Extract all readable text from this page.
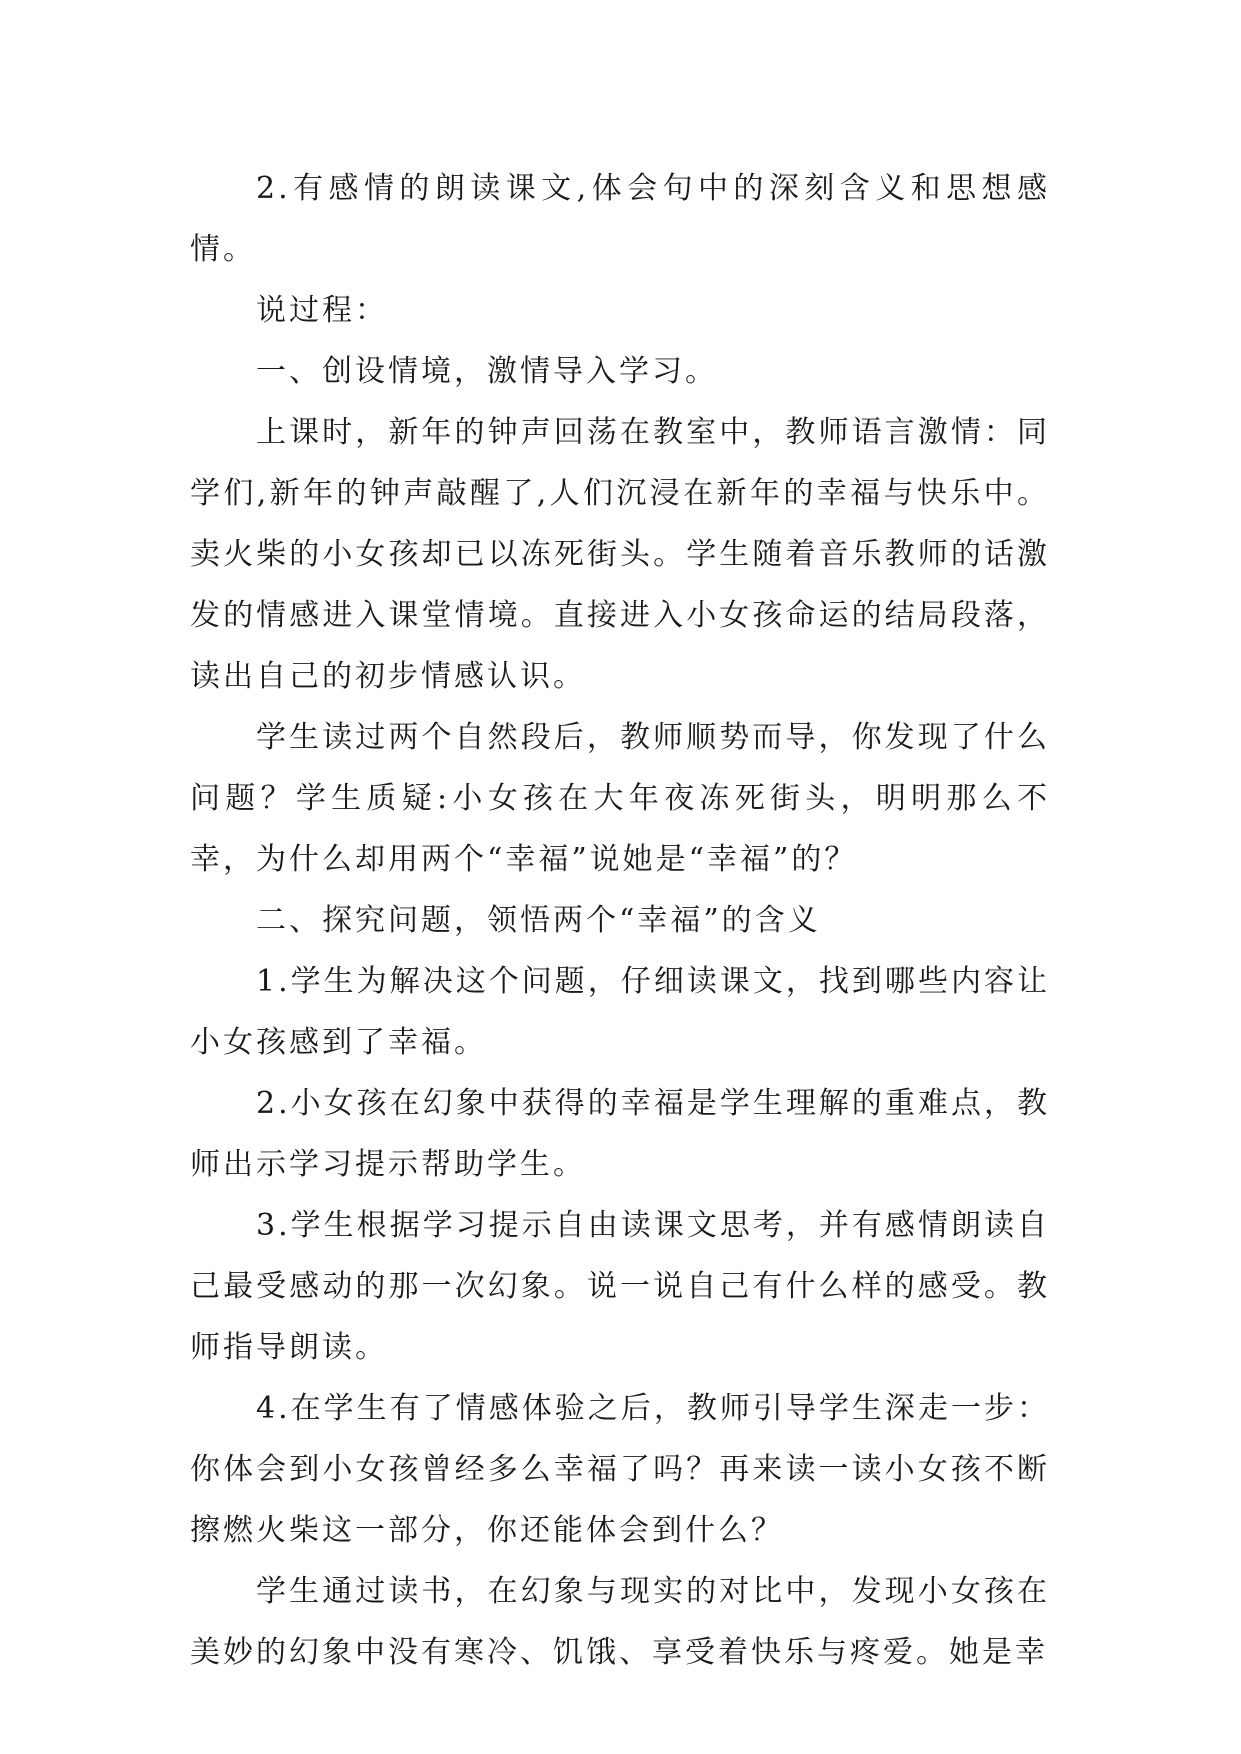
2.有感情的朗读课文,体会句中的深刻含义和思想感情。

说过程：

一、创设情境，激情导入学习。

上课时，新年的钟声回荡在教室中，教师语言激情：同学们,新年的钟声敲醒了,人们沉浸在新年的幸福与快乐中。卖火柴的小女孩却已以冻死街头。学生随着音乐教师的话激发的情感进入课堂情境。直接进入小女孩命运的结局段落，读出自己的初步情感认识。

学生读过两个自然段后，教师顺势而导，你发现了什么问题？学生质疑:小女孩在大年夜冻死街头，明明那么不幸，为什么却用两个“幸福”说她是“幸福”的？

二、探究问题，领悟两个“幸福”的含义

1.学生为解决这个问题，仔细读课文，找到哪些内容让小女孩感到了幸福。

2.小女孩在幻象中获得的幸福是学生理解的重难点，教师出示学习提示帮助学生。

3.学生根据学习提示自由读课文思考，并有感情朗读自己最受感动的那一次幻象。说一说自己有什么样的感受。教师指导朗读。

4.在学生有了情感体验之后，教师引导学生深走一步：你体会到小女孩曾经多么幸福了吗？再来读一读小女孩不断擦燃火柴这一部分，你还能体会到什么？

学生通过读书，在幻象与现实的对比中，发现小女孩在美妙的幻象中没有寒冷、饥饿、享受着快乐与疼爱。她是幸
